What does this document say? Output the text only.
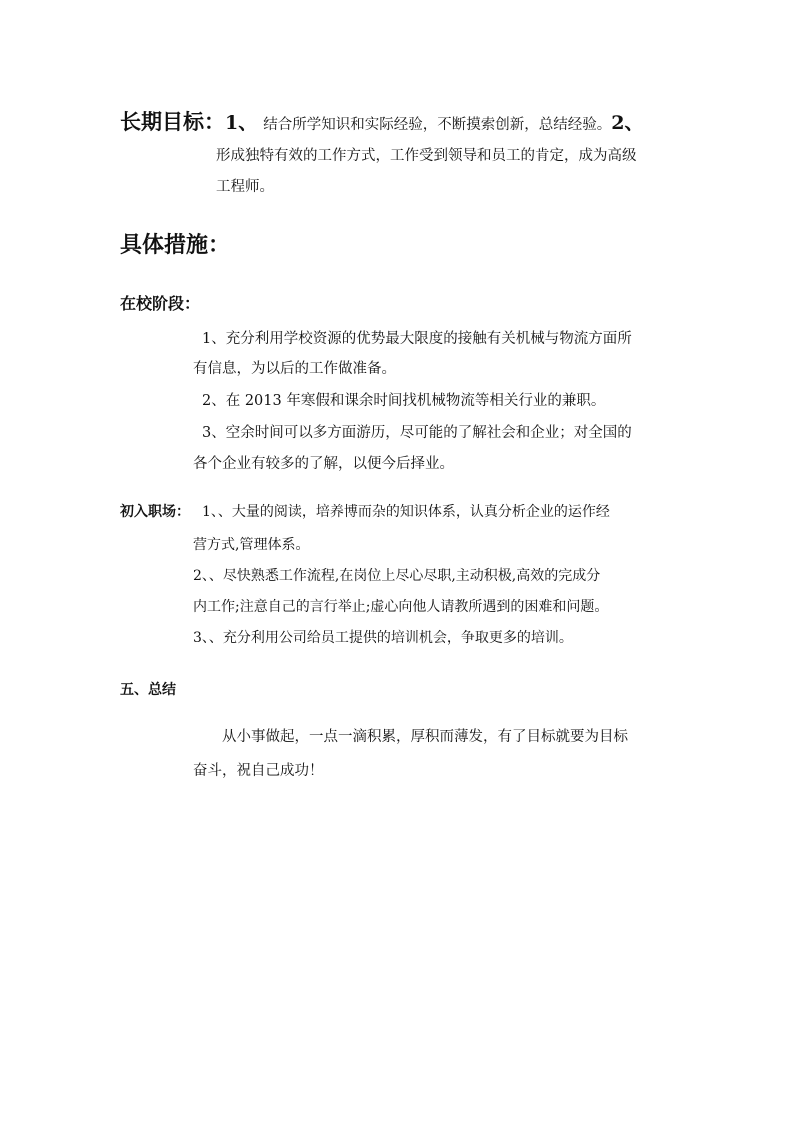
长期目标：1、 结合所学知识和实际经验，不断摸索创新，总结经验。2、
形成独特有效的工作方式，工作受到领导和员工的肯定，成为高级
工程师。
具体措施：
在校阶段：
1、充分利用学校资源的优势最大限度的接触有关机械与物流方面所
有信息，为以后的工作做准备。
2、在 2013 年寒假和课余时间找机械物流等相关行业的兼职。
3、空余时间可以多方面游历，尽可能的了解社会和企业；对全国的
各个企业有较多的了解，以便今后择业。
初入职场： 1、、大量的阅读，培养博而杂的知识体系，认真分析企业的运作经
营方式,管理体系。
2、、尽快熟悉工作流程,在岗位上尽心尽职,主动积极,高效的完成分
内工作;注意自己的言行举止;虚心向他人请教所遇到的困难和问题。
3、、充分利用公司给员工提供的培训机会，争取更多的培训。
五、总结
从小事做起，一点一滴积累，厚积而薄发，有了目标就要为目标
奋斗，祝自己成功！
